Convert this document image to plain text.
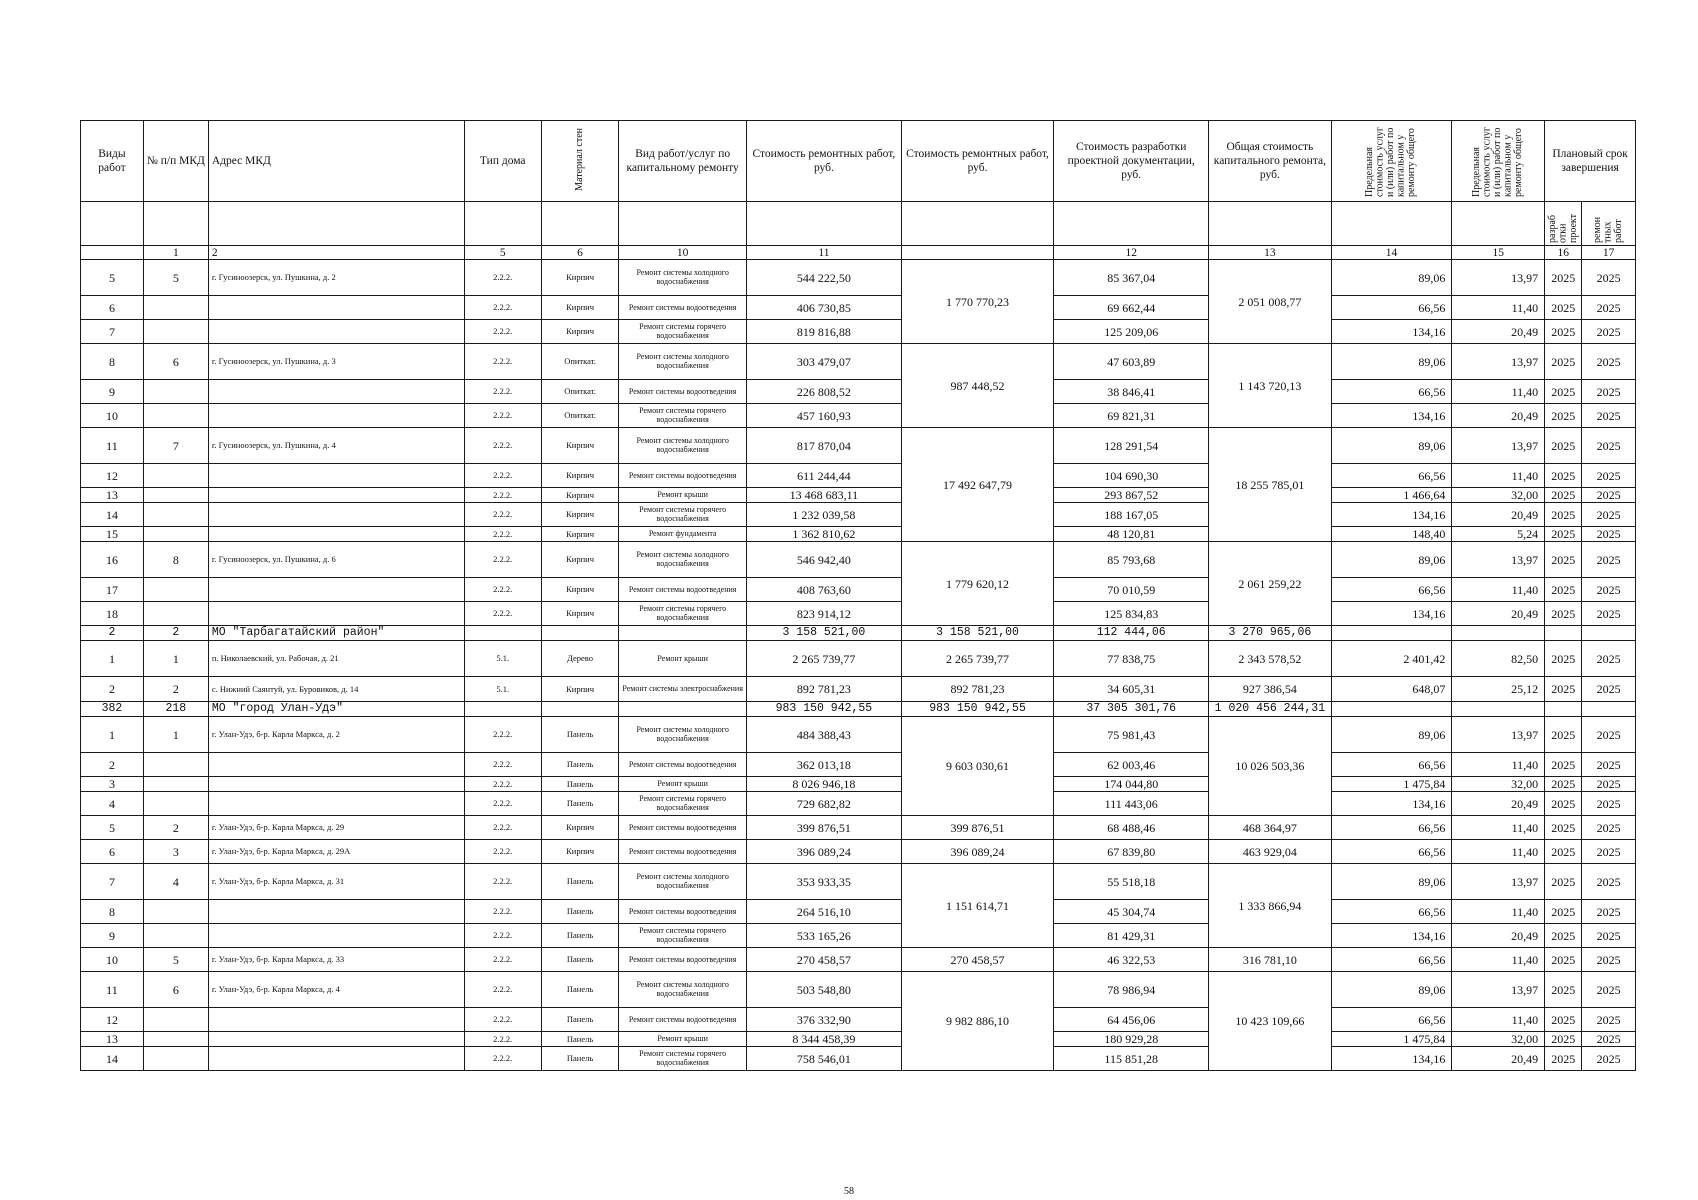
Виды работ	№ п/п МКД	Адрес МКД	Тип дома	Материал стен	Вид работ/услуг по капитальному ремонту	Стоимость ремонтных работ, руб.	Стоимость ремонтных работ, руб.	Стоимость разработки проектной документации, руб.	Общая стоимость капитального ремонта, руб.	Предельная стоимость услуг и (или) работ по капитальном у ремонту общего	Предельная стоимость услуг и (или) работ по капитальном у ремонту общего	Плановый срок завершения	
												разраб отки проект	ремон тных работ
	1	2	5	6	10	11		12	13	14	15	16	17
5	5	г. Гусиноозерск, ул. Пушкина, д. 2	2.2.2.	Кирпич	Ремонт системы холодного водоснабжения	544 222,50	1 770 770,23	85 367,04	2 051 008,77	89,06	13,97	2025	2025
6			2.2.2.	Кирпич	Ремонт системы водоотведения	406 730,85		69 662,44		66,56	11,40	2025	2025
7			2.2.2.	Кирпич	Ремонт системы горячего водоснабжения	819 816,88		125 209,06		134,16	20,49	2025	2025
8	6	г. Гусиноозерск, ул. Пушкина, д. 3	2.2.2.	Опиткат.	Ремонт системы холодного водоснабжения	303 479,07	987 448,52	47 603,89	1 143 720,13	89,06	13,97	2025	2025
9			2.2.2.	Опиткат.	Ремонт системы водоотведения	226 808,52		38 846,41		66,56	11,40	2025	2025
10			2.2.2.	Опиткат.	Ремонт системы горячего водоснабжения	457 160,93		69 821,31		134,16	20,49	2025	2025
11	7	г. Гусиноозерск, ул. Пушкина, д. 4	2.2.2.	Кирпич	Ремонт системы холодного водоснабжения	817 870,04	17 492 647,79	128 291,54	18 255 785,01	89,06	13,97	2025	2025
12			2.2.2.	Кирпич	Ремонт системы водоотведения	611 244,44		104 690,30		66,56	11,40	2025	2025
13			2.2.2.	Кирпич	Ремонт крыши	13 468 683,11		293 867,52		1 466,64	32,00	2025	2025
14			2.2.2.	Кирпич	Ремонт системы горячего водоснабжения	1 232 039,58		188 167,05		134,16	20,49	2025	2025
15			2.2.2.	Кирпич	Ремонт фундамента	1 362 810,62		48 120,81		148,40	5,24	2025	2025
16	8	г. Гусиноозерск, ул. Пушкина, д. 6	2.2.2.	Кирпич	Ремонт системы холодного водоснабжения	546 942,40	1 779 620,12	85 793,68	2 061 259,22	89,06	13,97	2025	2025
17			2.2.2.	Кирпич	Ремонт системы водоотведения	408 763,60		70 010,59		66,56	11,40	2025	2025
18			2.2.2.	Кирпич	Ремонт системы горячего водоснабжения	823 914,12		125 834,83		134,16	20,49	2025	2025
2	2	МО "Тарбагатайский район"				3 158 521,00	3 158 521,00	112 444,06	3 270 965,06				
1	1	п. Николаевский, ул. Рабочая, д. 21	5.1.	Дерево	Ремонт крыши	2 265 739,77	2 265 739,77	77 838,75	2 343 578,52	2 401,42	82,50	2025	2025
2	2	с. Нижний Саянтуй, ул. Буровиков, д. 14	5.1.	Кирпич	Ремонт системы электроснабжения	892 781,23	892 781,23	34 605,31	927 386,54	648,07	25,12	2025	2025
382	218	МО "город Улан-Удэ"				983 150 942,55	983 150 942,55	37 305 301,76	1 020 456 244,31				
1	1	г. Улан-Удэ, б-р. Карла Маркса, д. 2	2.2.2.	Панель	Ремонт системы холодного водоснабжения	484 388,43	9 603 030,61	75 981,43	10 026 503,36	89,06	13,97	2025	2025
2			2.2.2.	Панель	Ремонт системы водоотведения	362 013,18		62 003,46		66,56	11,40	2025	2025
3			2.2.2.	Панель	Ремонт крыши	8 026 946,18		174 044,80		1 475,84	32,00	2025	2025
4			2.2.2.	Панель	Ремонт системы горячего водоснабжения	729 682,82		111 443,06		134,16	20,49	2025	2025
5	2	г. Улан-Удэ, б-р. Карла Маркса, д. 29	2.2.2.	Кирпич	Ремонт системы водоотведения	399 876,51	399 876,51	68 488,46	468 364,97	66,56	11,40	2025	2025
6	3	г. Улан-Удэ, б-р. Карла Маркса, д. 29А	2.2.2.	Кирпич	Ремонт системы водоотведения	396 089,24	396 089,24	67 839,80	463 929,04	66,56	11,40	2025	2025
7	4	г. Улан-Удэ, б-р. Карла Маркса, д. 31	2.2.2.	Панель	Ремонт системы холодного водоснабжения	353 933,35	1 151 614,71	55 518,18	1 333 866,94	89,06	13,97	2025	2025
8			2.2.2.	Панель	Ремонт системы водоотведения	264 516,10		45 304,74		66,56	11,40	2025	2025
9			2.2.2.	Панель	Ремонт системы горячего водоснабжения	533 165,26		81 429,31		134,16	20,49	2025	2025
10	5	г. Улан-Удэ, б-р. Карла Маркса, д. 33	2.2.2.	Панель	Ремонт системы водоотведения	270 458,57	270 458,57	46 322,53	316 781,10	66,56	11,40	2025	2025
11	6	г. Улан-Удэ, б-р. Карла Маркса, д. 4	2.2.2.	Панель	Ремонт системы холодного водоснабжения	503 548,80	9 982 886,10	78 986,94	10 423 109,66	89,06	13,97	2025	2025
12			2.2.2.	Панель	Ремонт системы водоотведения	376 332,90		64 456,06		66,56	11,40	2025	2025
13			2.2.2.	Панель	Ремонт крыши	8 344 458,39		180 929,28		1 475,84	32,00	2025	2025
14			2.2.2.	Панель	Ремонт системы горячего водоснабжения	758 546,01		115 851,28		134,16	20,49	2025	2025
58
